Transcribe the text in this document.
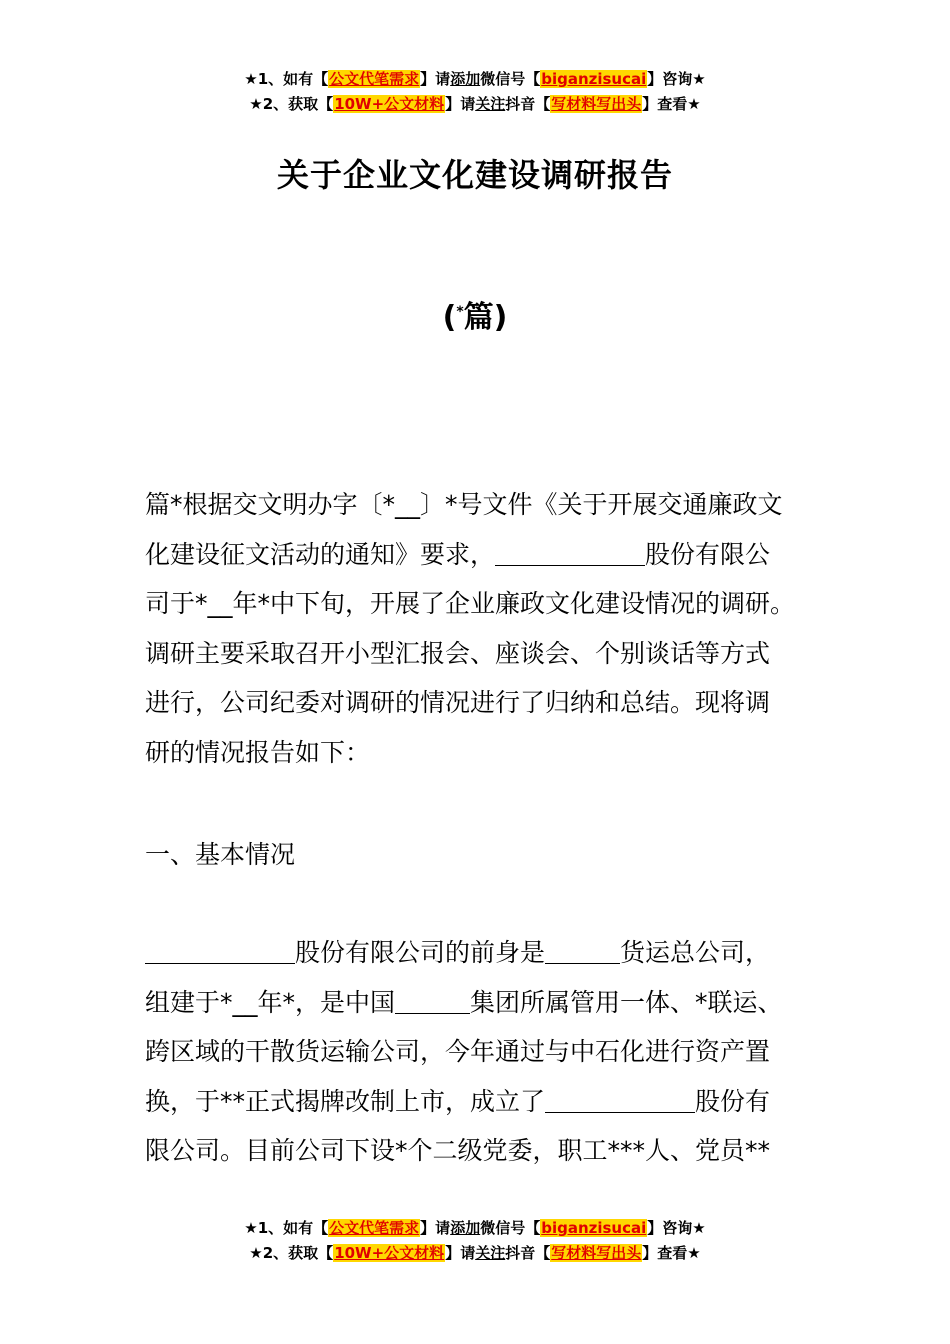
★1、如有【公文代笔需求】请添加微信号【biganzisucai】咨询★
★2、获取【10W+公文材料】请关注抖音【写材料写出头】查看★
关于企业文化建设调研报告
(*篇)
篇*根据交文明办字〔*__〕*号文件《关于开展交通廉政文
化建设征文活动的通知》要求，＿＿＿＿＿＿股份有限公
司于*__年*中下旬，开展了企业廉政文化建设情况的调研。
调研主要采取召开小型汇报会、座谈会、个别谈话等方式
进行，公司纪委对调研的情况进行了归纳和总结。现将调
研的情况报告如下：
一、基本情况
＿＿＿＿＿＿股份有限公司的前身是＿＿＿货运总公司，
组建于*__年*，是中国＿＿＿集团所属管用一体、*联运、
跨区域的干散货运输公司，今年通过与中石化进行资产置
换，于**正式揭牌改制上市，成立了＿＿＿＿＿＿股份有
限公司。目前公司下设*个二级党委，职工***人、党员**
★1、如有【公文代笔需求】请添加微信号【biganzisucai】咨询★
★2、获取【10W+公文材料】请关注抖音【写材料写出头】查看★
